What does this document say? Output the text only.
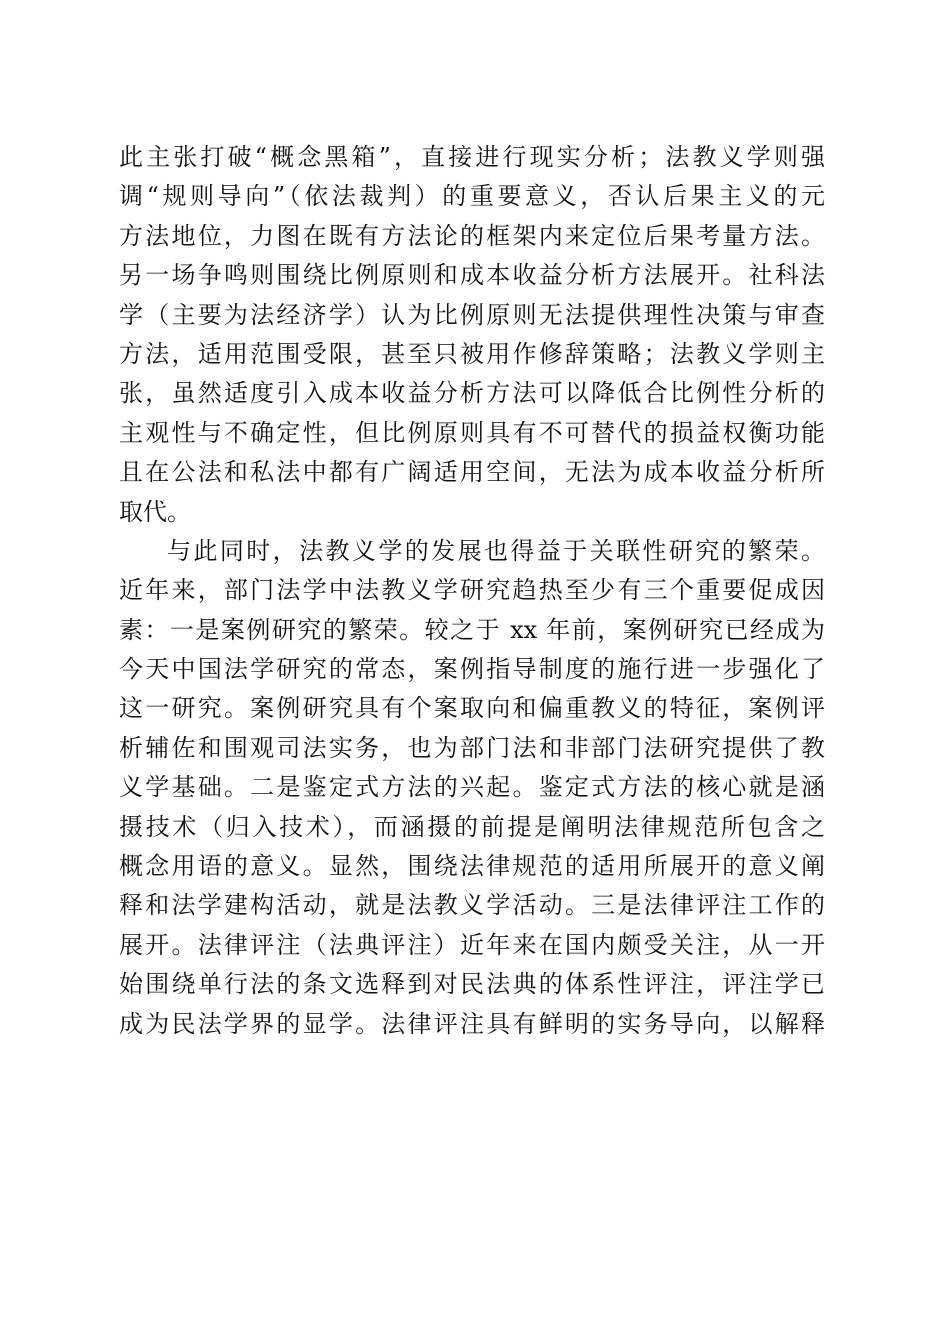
此主张打破“概念黑箱”，直接进行现实分析；法教义学则强
调“规则导向”（依法裁判）的重要意义，否认后果主义的元
方法地位，力图在既有方法论的框架内来定位后果考量方法。
另一场争鸣则围绕比例原则和成本收益分析方法展开。社科法
学（主要为法经济学）认为比例原则无法提供理性决策与审查
方法，适用范围受限，甚至只被用作修辞策略；法教义学则主
张，虽然适度引入成本收益分析方法可以降低合比例性分析的
主观性与不确定性，但比例原则具有不可替代的损益权衡功能
且在公法和私法中都有广阔适用空间，无法为成本收益分析所
取代。
与此同时，法教义学的发展也得益于关联性研究的繁荣。
近年来，部门法学中法教义学研究趋热至少有三个重要促成因
素：一是案例研究的繁荣。较之于 xx 年前，案例研究已经成为
今天中国法学研究的常态，案例指导制度的施行进一步强化了
这一研究。案例研究具有个案取向和偏重教义的特征，案例评
析辅佐和围观司法实务，也为部门法和非部门法研究提供了教
义学基础。二是鉴定式方法的兴起。鉴定式方法的核心就是涵
摄技术（归入技术），而涵摄的前提是阐明法律规范所包含之
概念用语的意义。显然，围绕法律规范的适用所展开的意义阐
释和法学建构活动，就是法教义学活动。三是法律评注工作的
展开。法律评注（法典评注）近年来在国内颇受关注，从一开
始围绕单行法的条文选释到对民法典的体系性评注，评注学已
成为民法学界的显学。法律评注具有鲜明的实务导向，以解释
